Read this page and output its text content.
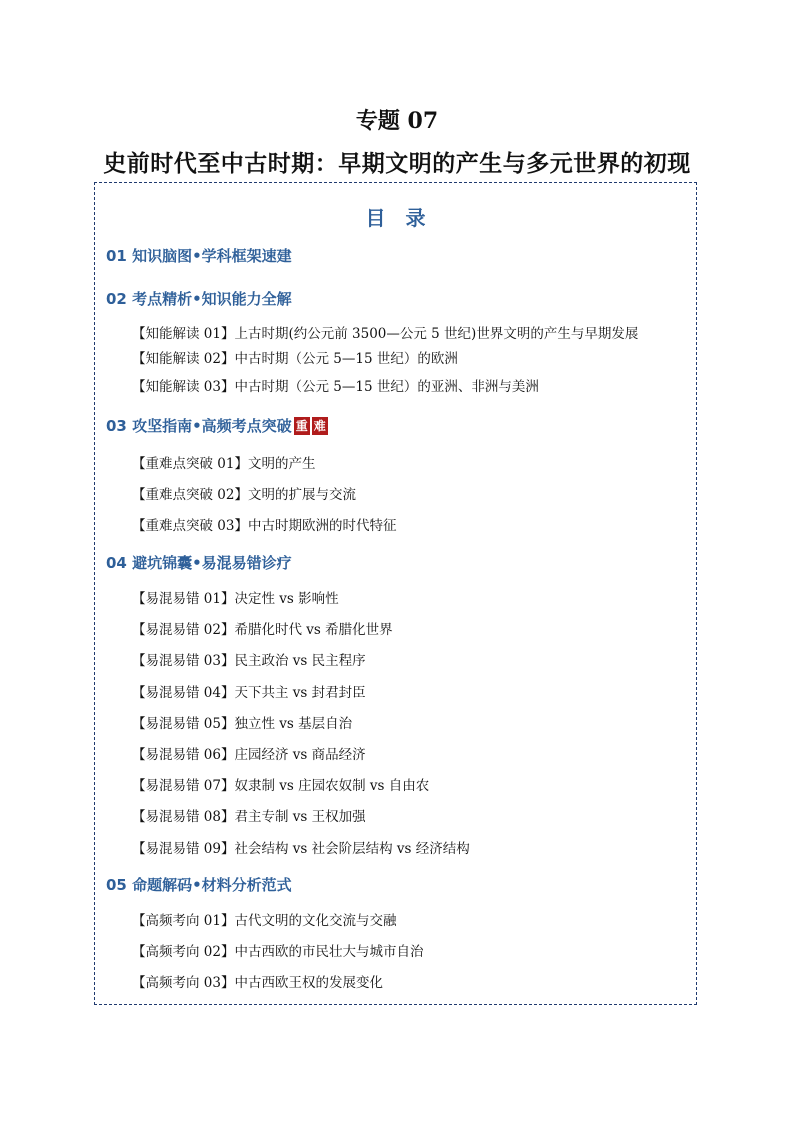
专题 07
史前时代至中古时期：早期文明的产生与多元世界的初现
目录
01 知识脑图•学科框架速建
02 考点精析•知识能力全解
【知能解读 01】上古时期(约公元前 3500—公元 5 世纪)世界文明的产生与早期发展
【知能解读 02】中古时期（公元 5—15 世纪）的欧洲
【知能解读 03】中古时期（公元 5—15 世纪）的亚洲、非洲与美洲
03 攻坚指南•高频考点突破 重 难
【重难点突破 01】文明的产生
【重难点突破 02】文明的扩展与交流
【重难点突破 03】中古时期欧洲的时代特征
04 避坑锦囊•易混易错诊疗
【易混易错 01】决定性 vs 影响性
【易混易错 02】希腊化时代 vs 希腊化世界
【易混易错 03】民主政治 vs 民主程序
【易混易错 04】天下共主 vs 封君封臣
【易混易错 05】独立性 vs 基层自治
【易混易错 06】庄园经济 vs 商品经济
【易混易错 07】奴隶制 vs 庄园农奴制 vs 自由农
【易混易错 08】君主专制 vs 王权加强
【易混易错 09】社会结构 vs 社会阶层结构 vs 经济结构
05 命题解码•材料分析范式
【高频考向 01】古代文明的文化交流与交融
【高频考向 02】中古西欧的市民壮大与城市自治
【高频考向 03】中古西欧王权的发展变化
